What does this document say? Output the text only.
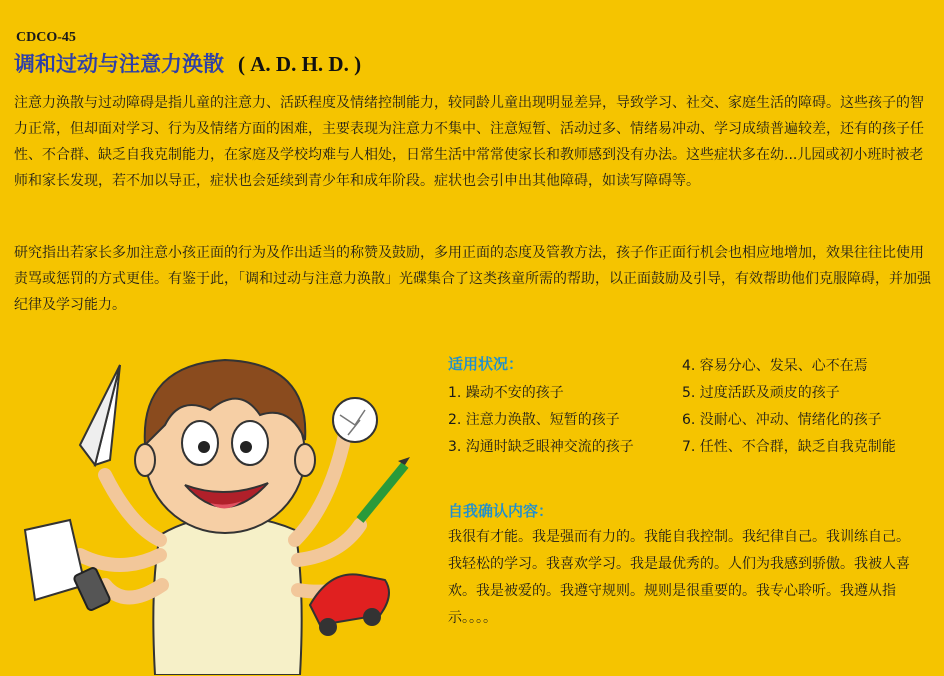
CDCO-45
调和过动与注意力涣散 ( A. D. H. D. )
注意力涣散与过动障碍是指儿童的注意力、活跃程度及情绪控制能力，较同龄儿童出现明显差异，导致学习、社交、家庭生活的障碍。这些孩子的智力正常，但却面对学习、行为及情绪方面的困难，主要表现为注意力不集中、注意短暂、活动过多、情绪易冲动、学习成绩普遍较差，还有的孩子任性、不合群、缺乏自我克制能力，在家庭及学校均难与人相处，日常生活中常常使家长和教师感到没有办法。这些症状多在幼...儿园或初小班时被老师和家长发现，若不加以导正，症状也会延续到青少年和成年阶段。症状也会引申出其他障碍，如读写障碍等。
研究指出若家长多加注意小孩正面的行为及作出适当的称赞及鼓励，多用正面的态度及管教方法，孩子作正面行机会也相应地增加，效果往往比使用责骂或惩罚的方式更佳。有鉴于此，「调和过动与注意力涣散」光碟集合了这类孩童所需的帮助，以正面鼓励及引导，有效帮助他们克服障碍，并加强纪律及学习能力。
适用状况：
1. 躁动不安的孩子
2. 注意力涣散、短暂的孩子
3. 沟通时缺乏眼神交流的孩子
4. 容易分心、发呆、心不在焉
5. 过度活跃及顽皮的孩子
6. 没耐心、冲动、情绪化的孩子
7. 任性、不合群，缺乏自我克制能
自我确认内容：
我很有才能。我是强而有力的。我能自我控制。我纪律自己。我训练自己。我轻松的学习。我喜欢学习。我是最优秀的。人们为我感到骄傲。我被人喜欢。我是被爱的。我遵守规则。规则是很重要的。我专心聆听。我遵从指示。。。。
